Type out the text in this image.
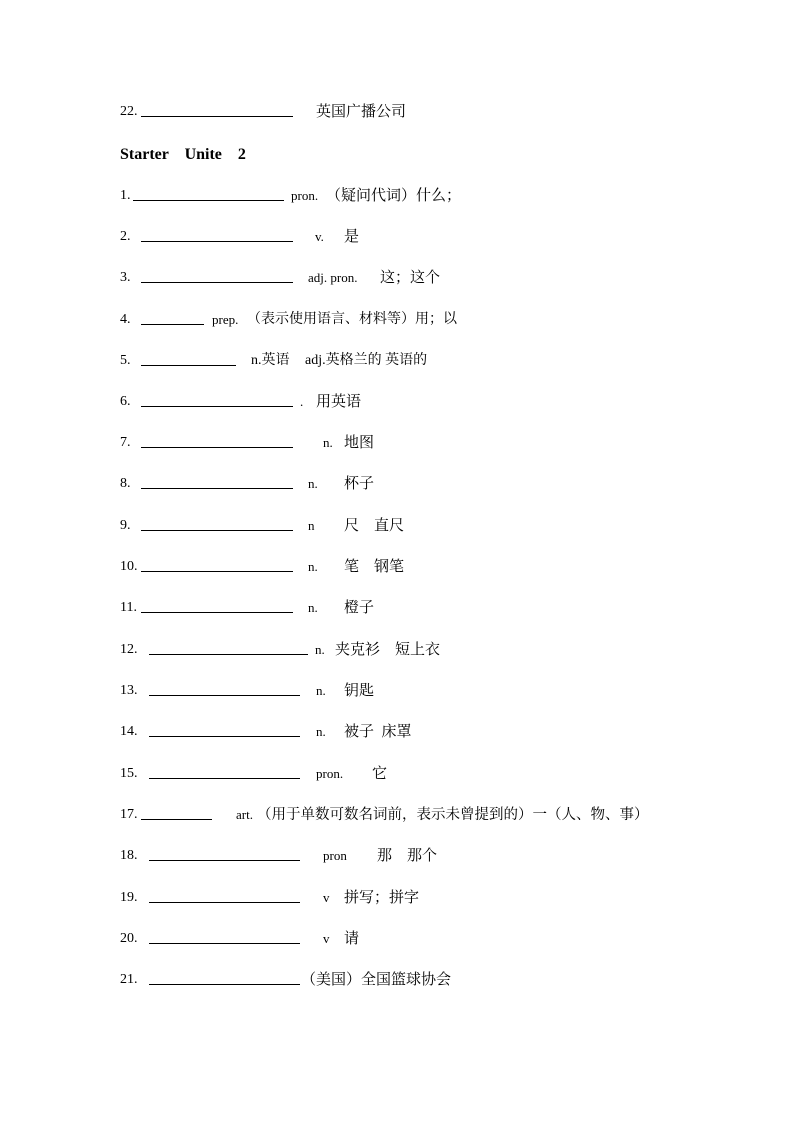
22.	英国广播公司
Starter    Unite    2
1.	pron. （疑问代词）什么；
2.	v. 是
3.	adj. pron. 这；这个
4.	prep. （表示使用语言、材料等）用；以
5.	n.英语 adj.英格兰的 英语的
6.	. 用英语
7.	n. 地图
8.	n. 杯子
9.	n 尺    直尺
10.	n. 笔    钢笔
11.	n. 橙子
12.	n. 夹克衫    短上衣
13.	n. 钥匙
14.	n. 被子  床罩
15.	pron. 它
17.	art. （用于单数可数名词前，表示未曾提到的）一（人、物、事）
18.	pron 那    那个
19.	v 拼写；拼字
20.	v 请
21.	（美国）全国篮球协会
